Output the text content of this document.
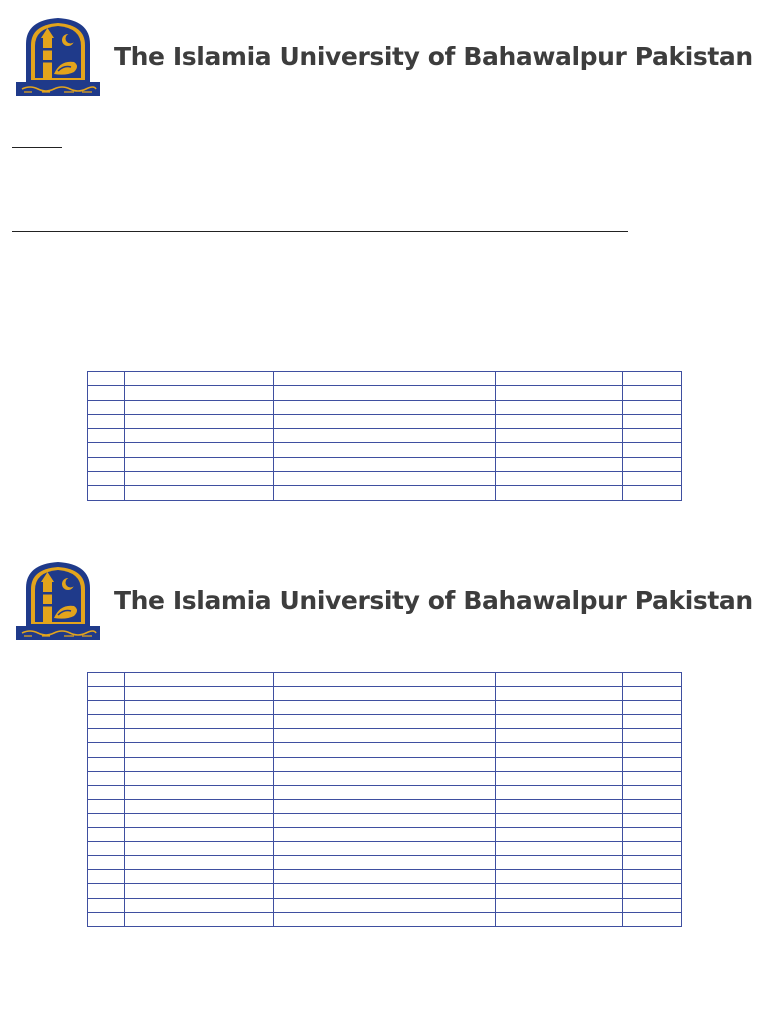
The Islamia University of Bahawalpur Pakistan

The Islamia University of Bahawalpur Pakistan
